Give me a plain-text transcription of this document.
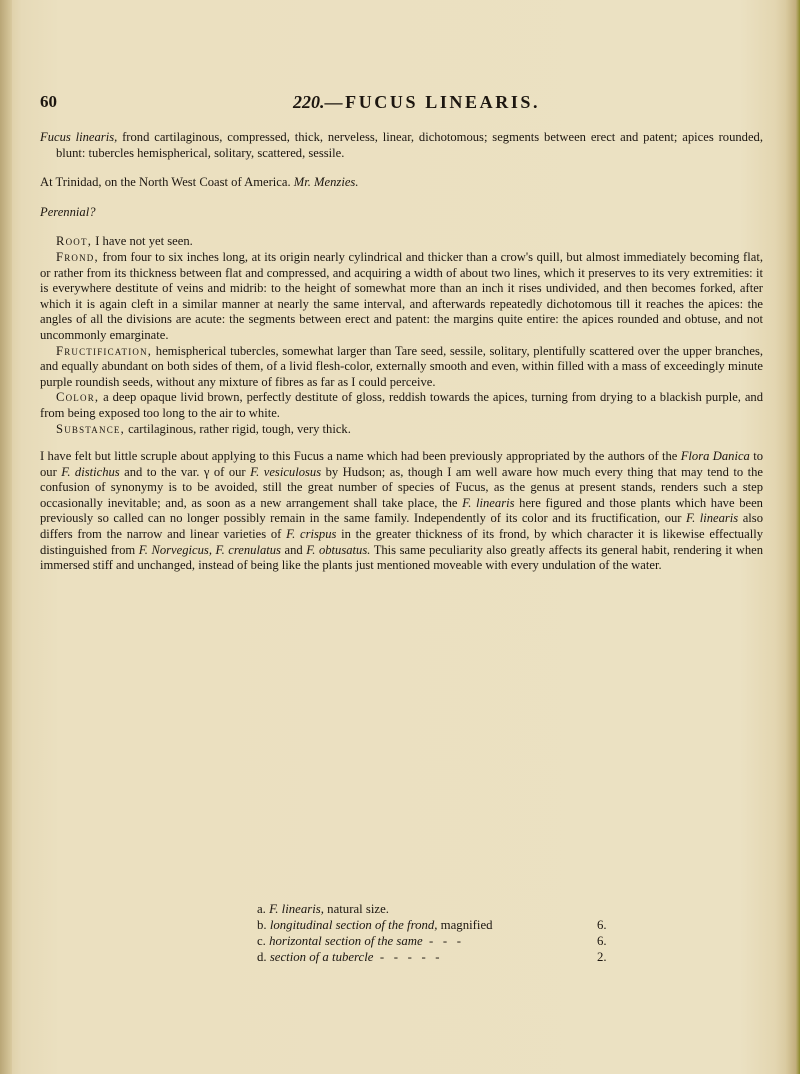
60	220.—FUCUS LINEARIS.

Fucus linearis, frond cartilaginous, compressed, thick, nerveless, linear, dichotomous; segments between erect and patent; apices rounded, blunt: tubercles hemispherical, solitary, scattered, sessile.

At Trinidad, on the North West Coast of America. Mr. Menzies.

Perennial?

Root, I have not yet seen.

Frond, from four to six inches long, at its origin nearly cylindrical and thicker than a crow's quill, but almost immediately becoming flat, or rather from its thickness between flat and compressed, and acquiring a width of about two lines, which it preserves to its very extremities: it is everywhere destitute of veins and midrib: to the height of somewhat more than an inch it rises undivided, and then becomes forked, after which it is again cleft in a similar manner at nearly the same interval, and afterwards repeatedly dichotomous till it reaches the apices: the angles of all the divisions are acute: the segments between erect and patent: the margins quite entire: the apices rounded and obtuse, and not uncommonly emarginate.

Fructification, hemispherical tubercles, somewhat larger than Tare seed, sessile, solitary, plentifully scattered over the upper branches, and equally abundant on both sides of them, of a livid flesh-color, externally smooth and even, within filled with a mass of exceedingly minute purple roundish seeds, without any mixture of fibres as far as I could perceive.

Color, a deep opaque livid brown, perfectly destitute of gloss, reddish towards the apices, turning from drying to a blackish purple, and from being exposed too long to the air to white.

Substance, cartilaginous, rather rigid, tough, very thick.

I have felt but little scruple about applying to this Fucus a name which had been previously appropriated by the authors of the Flora Danica to our F. distichus and to the var. γ of our F. vesiculosus by Hudson; as, though I am well aware how much every thing that may tend to the confusion of synonymy is to be avoided, still the great number of species of Fucus, as the genus at present stands, renders such a step occasionally inevitable; and, as soon as a new arrangement shall take place, the F. linearis here figured and those plants which have been previously so called can no longer possibly remain in the same family. Independently of its color and its fructification, our F. linearis also differs from the narrow and linear varieties of F. crispus in the greater thickness of its frond, by which character it is likewise effectually distinguished from F. Norvegicus, F. crenulatus and F. obtusatus. This same peculiarity also greatly affects its general habit, rendering it when immersed stiff and unchanged, instead of being like the plants just mentioned moveable with every undulation of the water.

a. F. linearis, natural size.
b. longitudinal section of the frond, magnified	6.
c. horizontal section of the same  -   -   -	6.
d. section of a tubercle  -   -   -   -   -	2.
